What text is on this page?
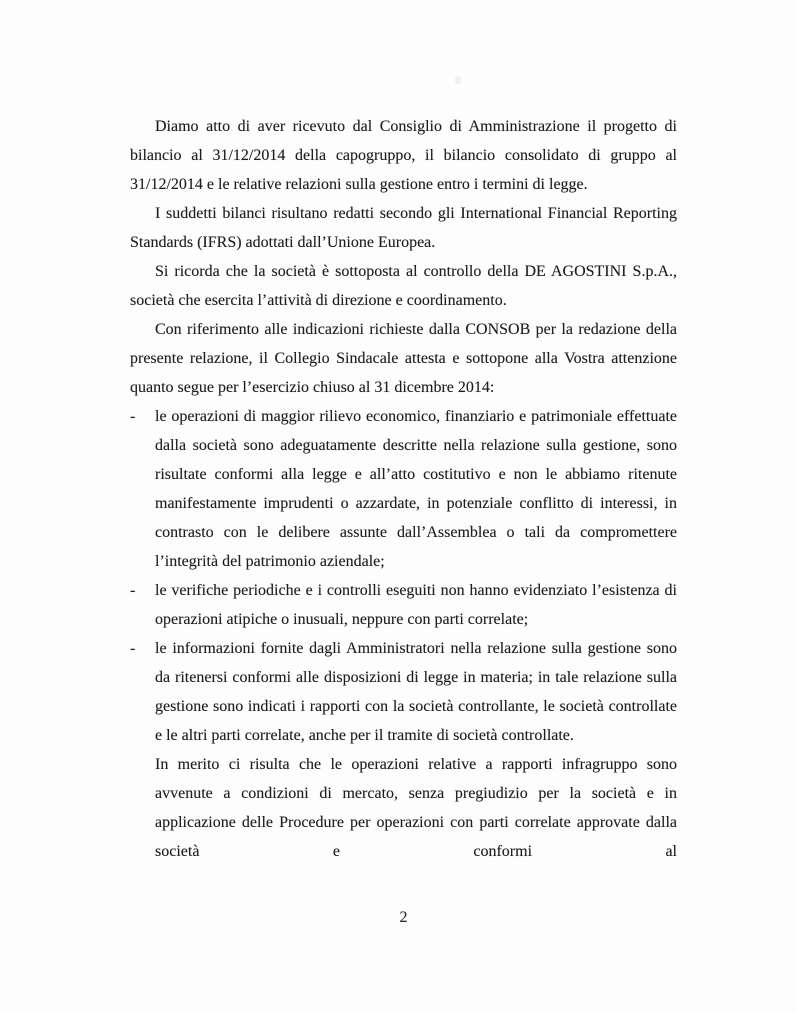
Diamo atto di aver ricevuto dal Consiglio di Amministrazione il progetto di bilancio al 31/12/2014 della capogruppo, il bilancio consolidato di gruppo al 31/12/2014 e le relative relazioni sulla gestione entro i termini di legge.

I suddetti bilanci risultano redatti secondo gli International Financial Reporting Standards (IFRS) adottati dall’Unione Europea.

Si ricorda che la società è sottoposta al controllo della DE AGOSTINI S.p.A., società che esercita l’attività di direzione e coordinamento.

Con riferimento alle indicazioni richieste dalla CONSOB per la redazione della presente relazione, il Collegio Sindacale attesta e sottopone alla Vostra attenzione quanto segue per l’esercizio chiuso al 31 dicembre 2014:

-	le operazioni di maggior rilievo economico, finanziario e patrimoniale effettuate dalla società sono adeguatamente descritte nella relazione sulla gestione, sono risultate conformi alla legge e all’atto costitutivo e non le abbiamo ritenute manifestamente imprudenti o azzardate, in potenziale conflitto di interessi, in contrasto con le delibere assunte dall’Assemblea o tali da compromettere l’integrità del patrimonio aziendale;
-	le verifiche periodiche e i controlli eseguiti non hanno evidenziato l’esistenza di operazioni atipiche o inusuali, neppure con parti correlate;
-	le informazioni fornite dagli Amministratori nella relazione sulla gestione sono da ritenersi conformi alle disposizioni di legge in materia; in tale relazione sulla gestione sono indicati i rapporti con la società controllante, le società controllate e le altri parti correlate, anche per il tramite di società controllate.

In merito ci risulta che le operazioni relative a rapporti infragruppo sono avvenute a condizioni di mercato, senza pregiudizio per la società e in applicazione delle Procedure per operazioni con parti correlate approvate dalla società e conformi al

2
